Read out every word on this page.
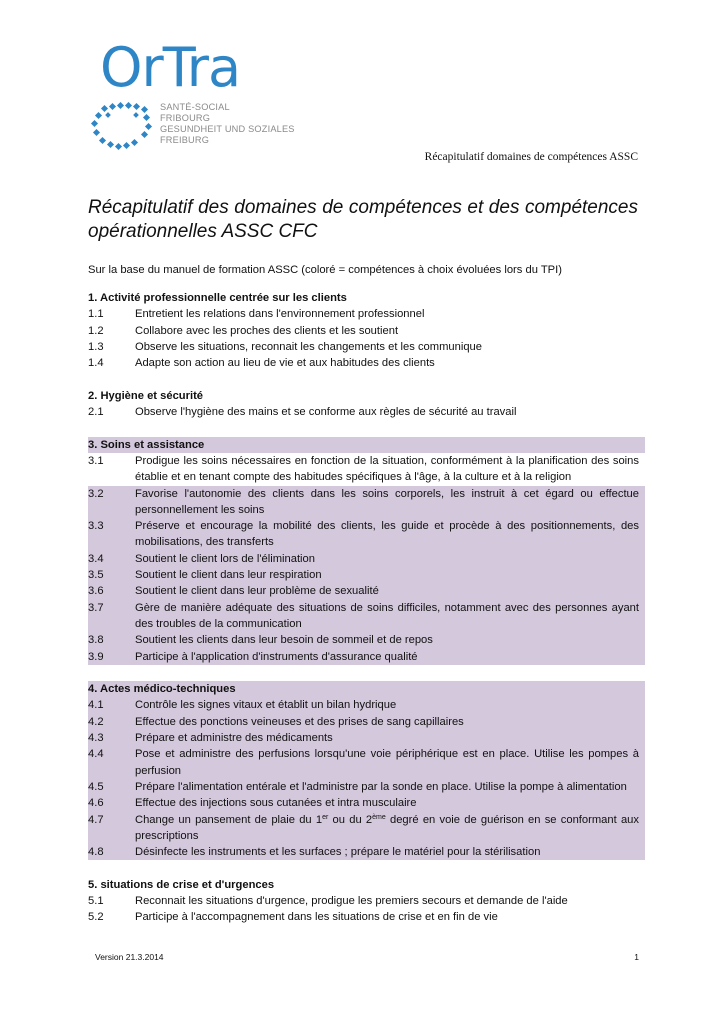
OrTra
SANTÉ-SOCIAL
FRIBOURG
GESUNDHEIT UND SOZIALES
FREIBURG
Récapitulatif domaines de compétences ASSC
Récapitulatif des domaines de compétences et des compétences opérationnelles ASSC CFC
Sur la base du manuel de formation ASSC (coloré = compétences à choix évoluées lors du TPI)
1. Activité professionnelle centrée sur les clients
1.1	Entretient les relations dans l'environnement professionnel
1.2	Collabore avec les proches des clients et les soutient
1.3	Observe les situations, reconnait les changements et les communique
1.4	Adapte son action au lieu de vie et aux habitudes des clients
2. Hygiène et sécurité
2.1	Observe l'hygiène des mains et se conforme aux règles de sécurité au travail
3. Soins et assistance
3.1	Prodigue les soins nécessaires en fonction de la situation, conformément à la planification des soins établie et en tenant compte des habitudes spécifiques à l'âge, à la culture et à la religion
3.2	Favorise l'autonomie des clients dans les soins corporels, les instruit à cet égard ou effectue personnellement les soins
3.3	Préserve et encourage la mobilité des clients, les guide et procède à des positionnements, des mobilisations, des transferts
3.4	Soutient le client lors de l'élimination
3.5	Soutient le client dans leur respiration
3.6	Soutient le client dans leur problème de sexualité
3.7	Gère de manière adéquate des situations de soins difficiles, notamment avec des personnes ayant des troubles de la communication
3.8	Soutient les clients dans leur besoin de sommeil et de repos
3.9	Participe à l'application d'instruments d'assurance qualité
4. Actes médico-techniques
4.1	Contrôle les signes vitaux et établit un bilan hydrique
4.2	Effectue des ponctions veineuses et des prises de sang capillaires
4.3	Prépare et administre des médicaments
4.4	Pose et administre des perfusions lorsqu'une voie périphérique est en place. Utilise les pompes à perfusion
4.5	Prépare l'alimentation entérale et l'administre par la sonde en place. Utilise la pompe à alimentation
4.6	Effectue des injections sous cutanées et intra musculaire
4.7	Change un pansement de plaie du 1er ou du 2ème degré en voie de guérison en se conformant aux prescriptions
4.8	Désinfecte les instruments et les surfaces ; prépare le matériel pour la stérilisation
5. situations de crise et d'urgences
5.1	Reconnait les situations d'urgence, prodigue les premiers secours et demande de l'aide
5.2	Participe à l'accompagnement dans les situations de crise et en fin de vie
Version 21.3.2014	1
